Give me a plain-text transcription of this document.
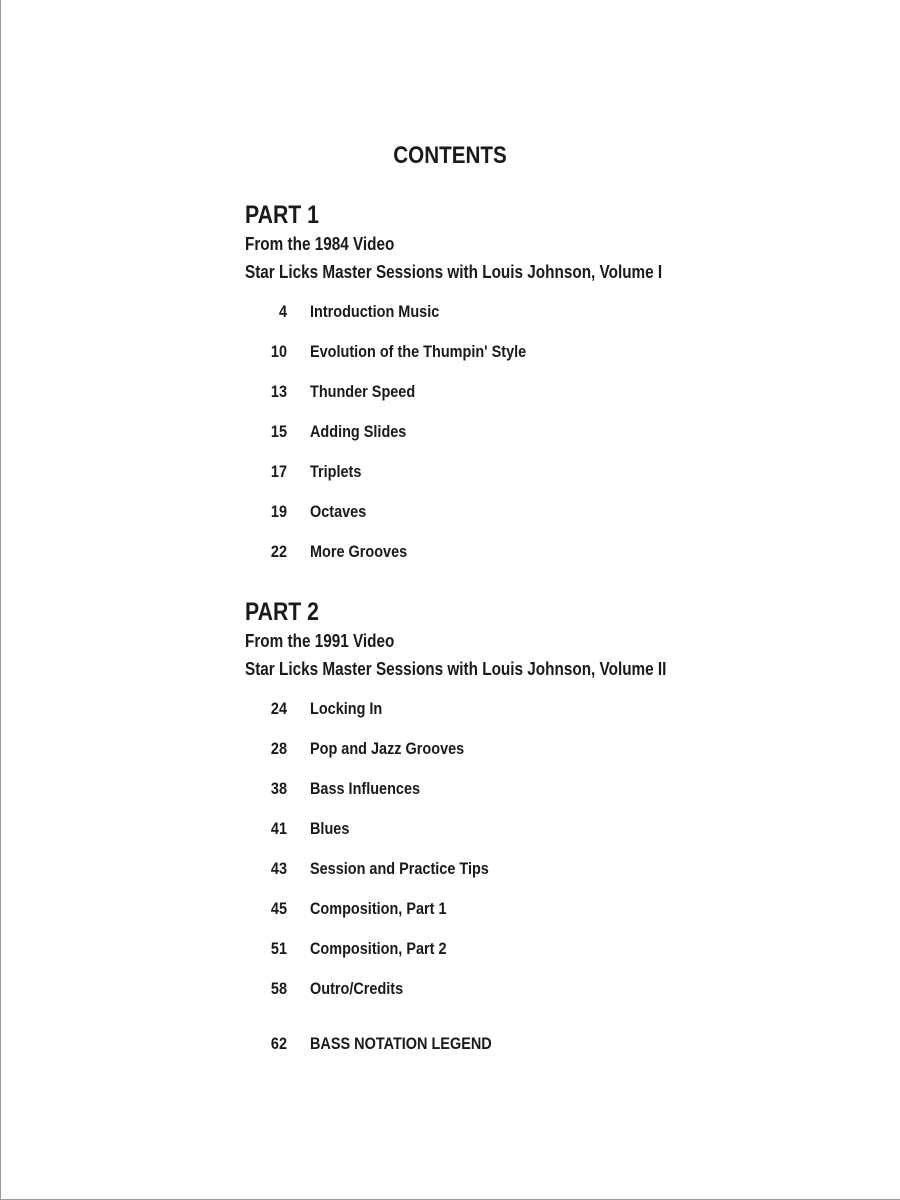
CONTENTS
PART 1
From the 1984 Video
Star Licks Master Sessions with Louis Johnson, Volume I
4 Introduction Music
10 Evolution of the Thumpin' Style
13 Thunder Speed
15 Adding Slides
17 Triplets
19 Octaves
22 More Grooves
PART 2
From the 1991 Video
Star Licks Master Sessions with Louis Johnson, Volume II
24 Locking In
28 Pop and Jazz Grooves
38 Bass Influences
41 Blues
43 Session and Practice Tips
45 Composition, Part 1
51 Composition, Part 2
58 Outro/Credits
62 BASS NOTATION LEGEND
